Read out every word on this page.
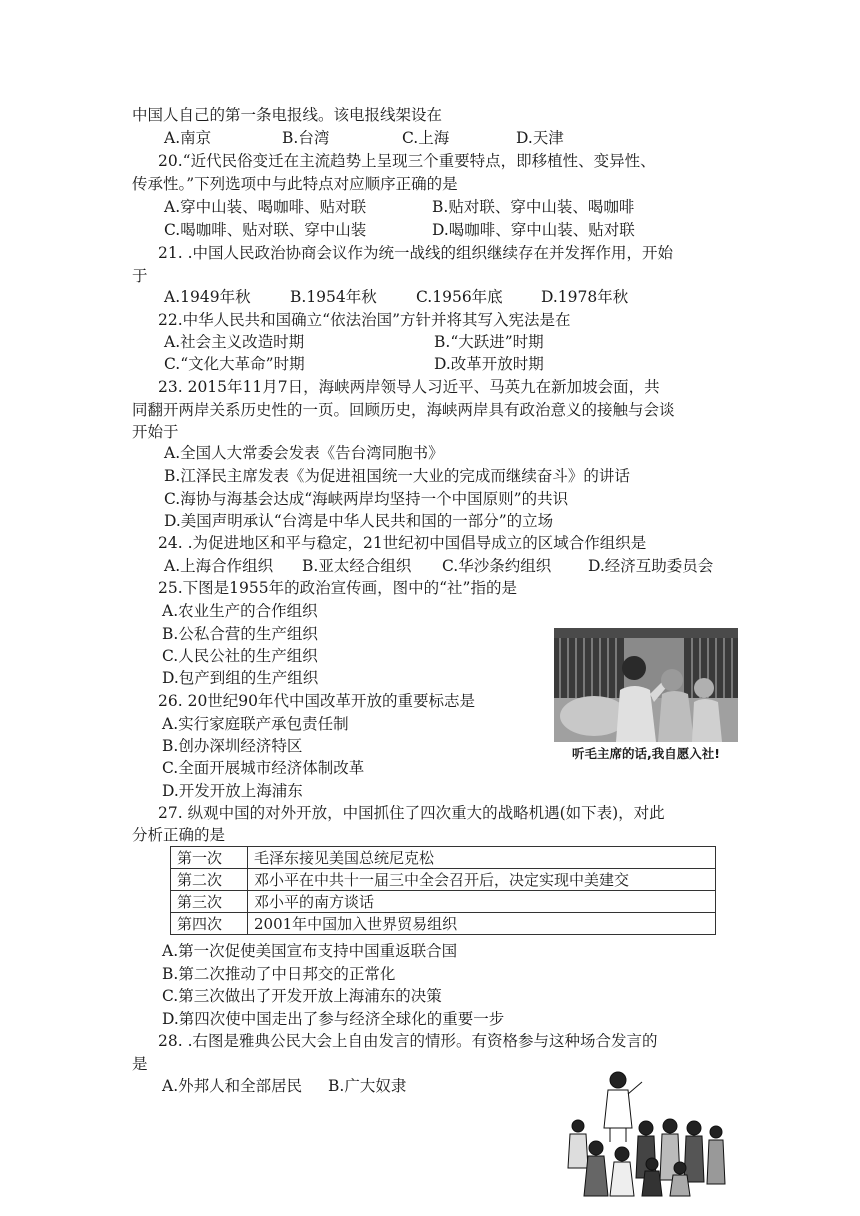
中国人自己的第一条电报线。该电报线架设在
A.南京	B.台湾	C.上海	D.天津
20.“近代民俗变迁在主流趋势上呈现三个重要特点，即移植性、变异性、
传承性。”下列选项中与此特点对应顺序正确的是
A.穿中山装、喝咖啡、贴对联	B.贴对联、穿中山装、喝咖啡
C.喝咖啡、贴对联、穿中山装	D.喝咖啡、穿中山装、贴对联
21. .中国人民政治协商会议作为统一战线的组织继续存在并发挥作用，开始
于
A.1949年秋	B.1954年秋	C.1956年底 D.1978年秋
22.中华人民共和国确立“依法治国”方针并将其写入宪法是在
A.社会主义改造时期	B.“大跃进”时期
C.“文化大革命”时期	D.改革开放时期
23. 2015年11月7日，海峡两岸领导人习近平、马英九在新加坡会面，共
同翻开两岸关系历史性的一页。回顾历史，海峡两岸具有政治意义的接触与会谈
开始于
A.全国人大常委会发表《告台湾同胞书》
B.江泽民主席发表《为促进祖国统一大业的完成而继续奋斗》的讲话
C.海协与海基会达成“海峡两岸均坚持一个中国原则”的共识
D.美国声明承认“台湾是中华人民共和国的一部分”的立场
24. .为促进地区和平与稳定，21世纪初中国倡导成立的区域合作组织是
A.上海合作组织 B.亚太经合组织 C.华沙条约组织 D.经济互助委员会
25.下图是1955年的政治宣传画，图中的“社”指的是
A.农业生产的合作组织
B.公私合营的生产组织
C.人民公社的生产组织
D.包产到组的生产组织
听毛主席的话,我自愿入社!
26. 20世纪90年代中国改革开放的重要标志是
A.实行家庭联产承包责任制
B.创办深圳经济特区
C.全面开展城市经济体制改革
D.开发开放上海浦东
27. 纵观中国的对外开放，中国抓住了四次重大的战略机遇(如下表)，对此
分析正确的是
第一次	毛泽东接见美国总统尼克松
第二次	邓小平在中共十一届三中全会召开后，决定实现中美建交
第三次	邓小平的南方谈话
第四次	2001年中国加入世界贸易组织
A.第一次促使美国宣布支持中国重返联合国
B.第二次推动了中日邦交的正常化
C.第三次做出了开发开放上海浦东的决策
D.第四次使中国走出了参与经济全球化的重要一步
28. .右图是雅典公民大会上自由发言的情形。有资格参与这种场合发言的
是
A.外邦人和全部居民 B.广大奴隶
